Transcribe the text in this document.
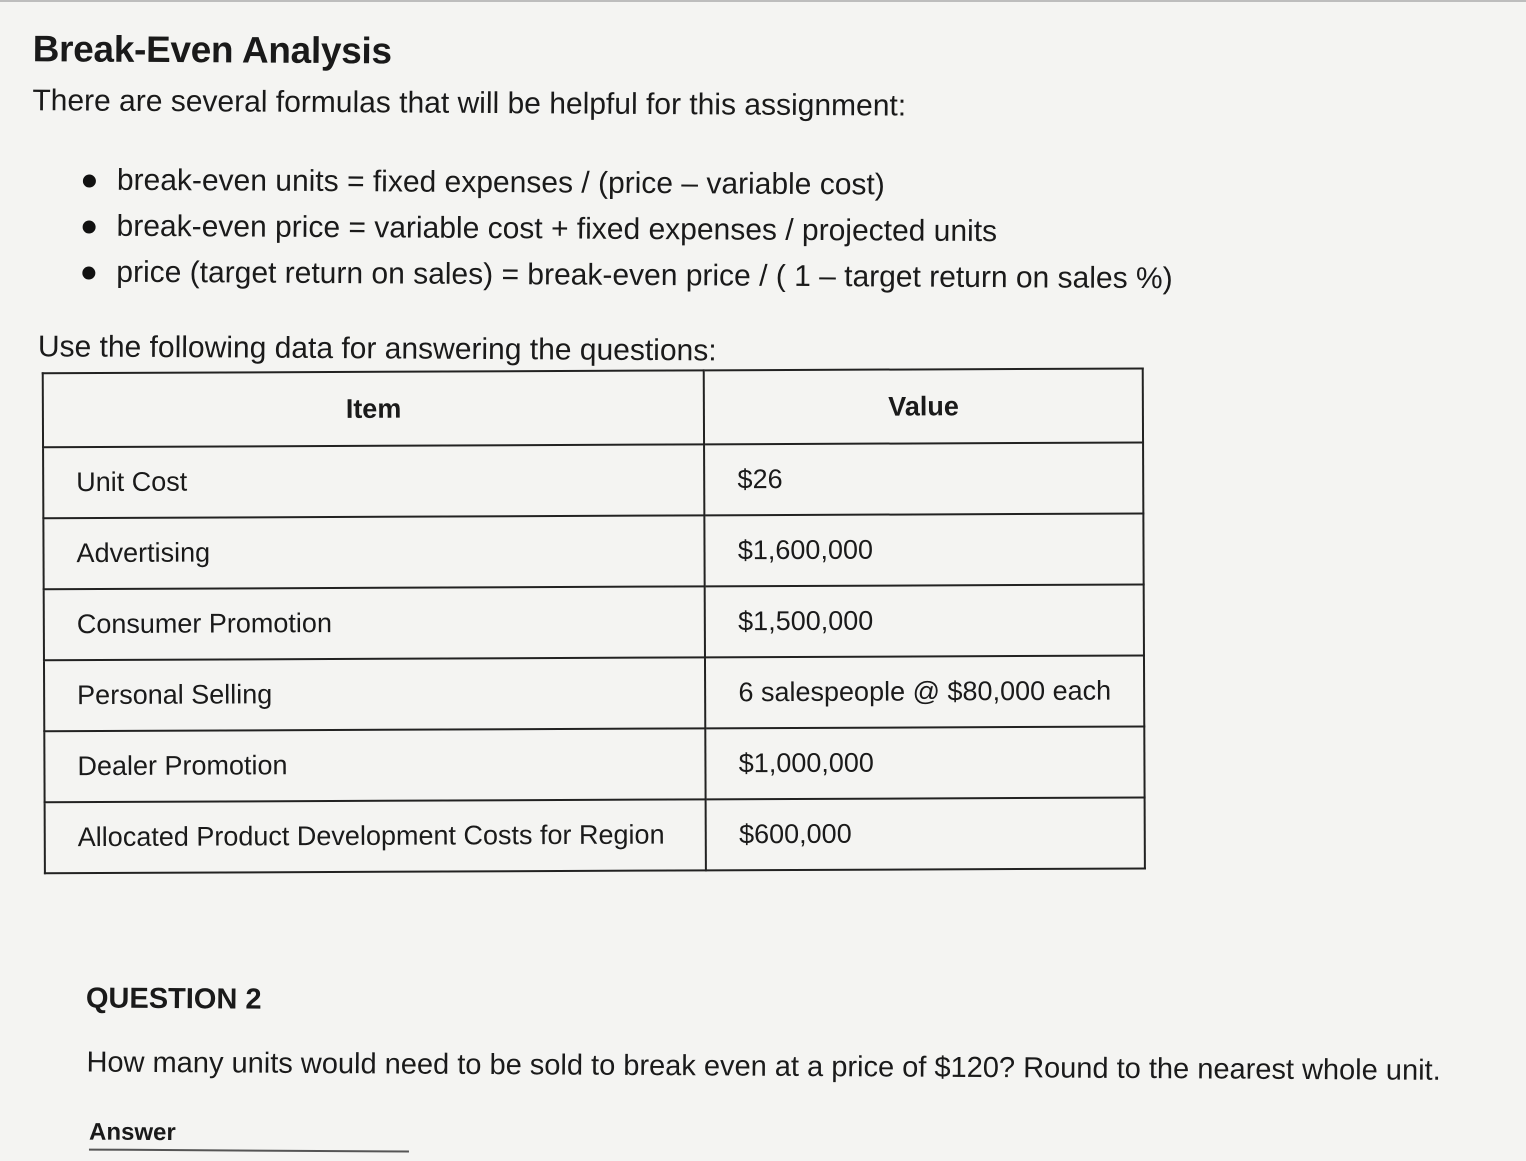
Break-Even Analysis

There are several formulas that will be helpful for this assignment:

break-even units = fixed expenses / (price – variable cost)
break-even price = variable cost + fixed expenses / projected units
price (target return on sales) = break-even price / ( 1 – target return on sales %)

Use the following data for answering the questions:

Item	Value
Unit Cost	$26
Advertising	$1,600,000
Consumer Promotion	$1,500,000
Personal Selling	6 salespeople @ $80,000 each
Dealer Promotion	$1,000,000
Allocated Product Development Costs for Region	$600,000
QUESTION 2

How many units would need to be sold to break even at a price of $120? Round to the nearest whole unit.

Answer
